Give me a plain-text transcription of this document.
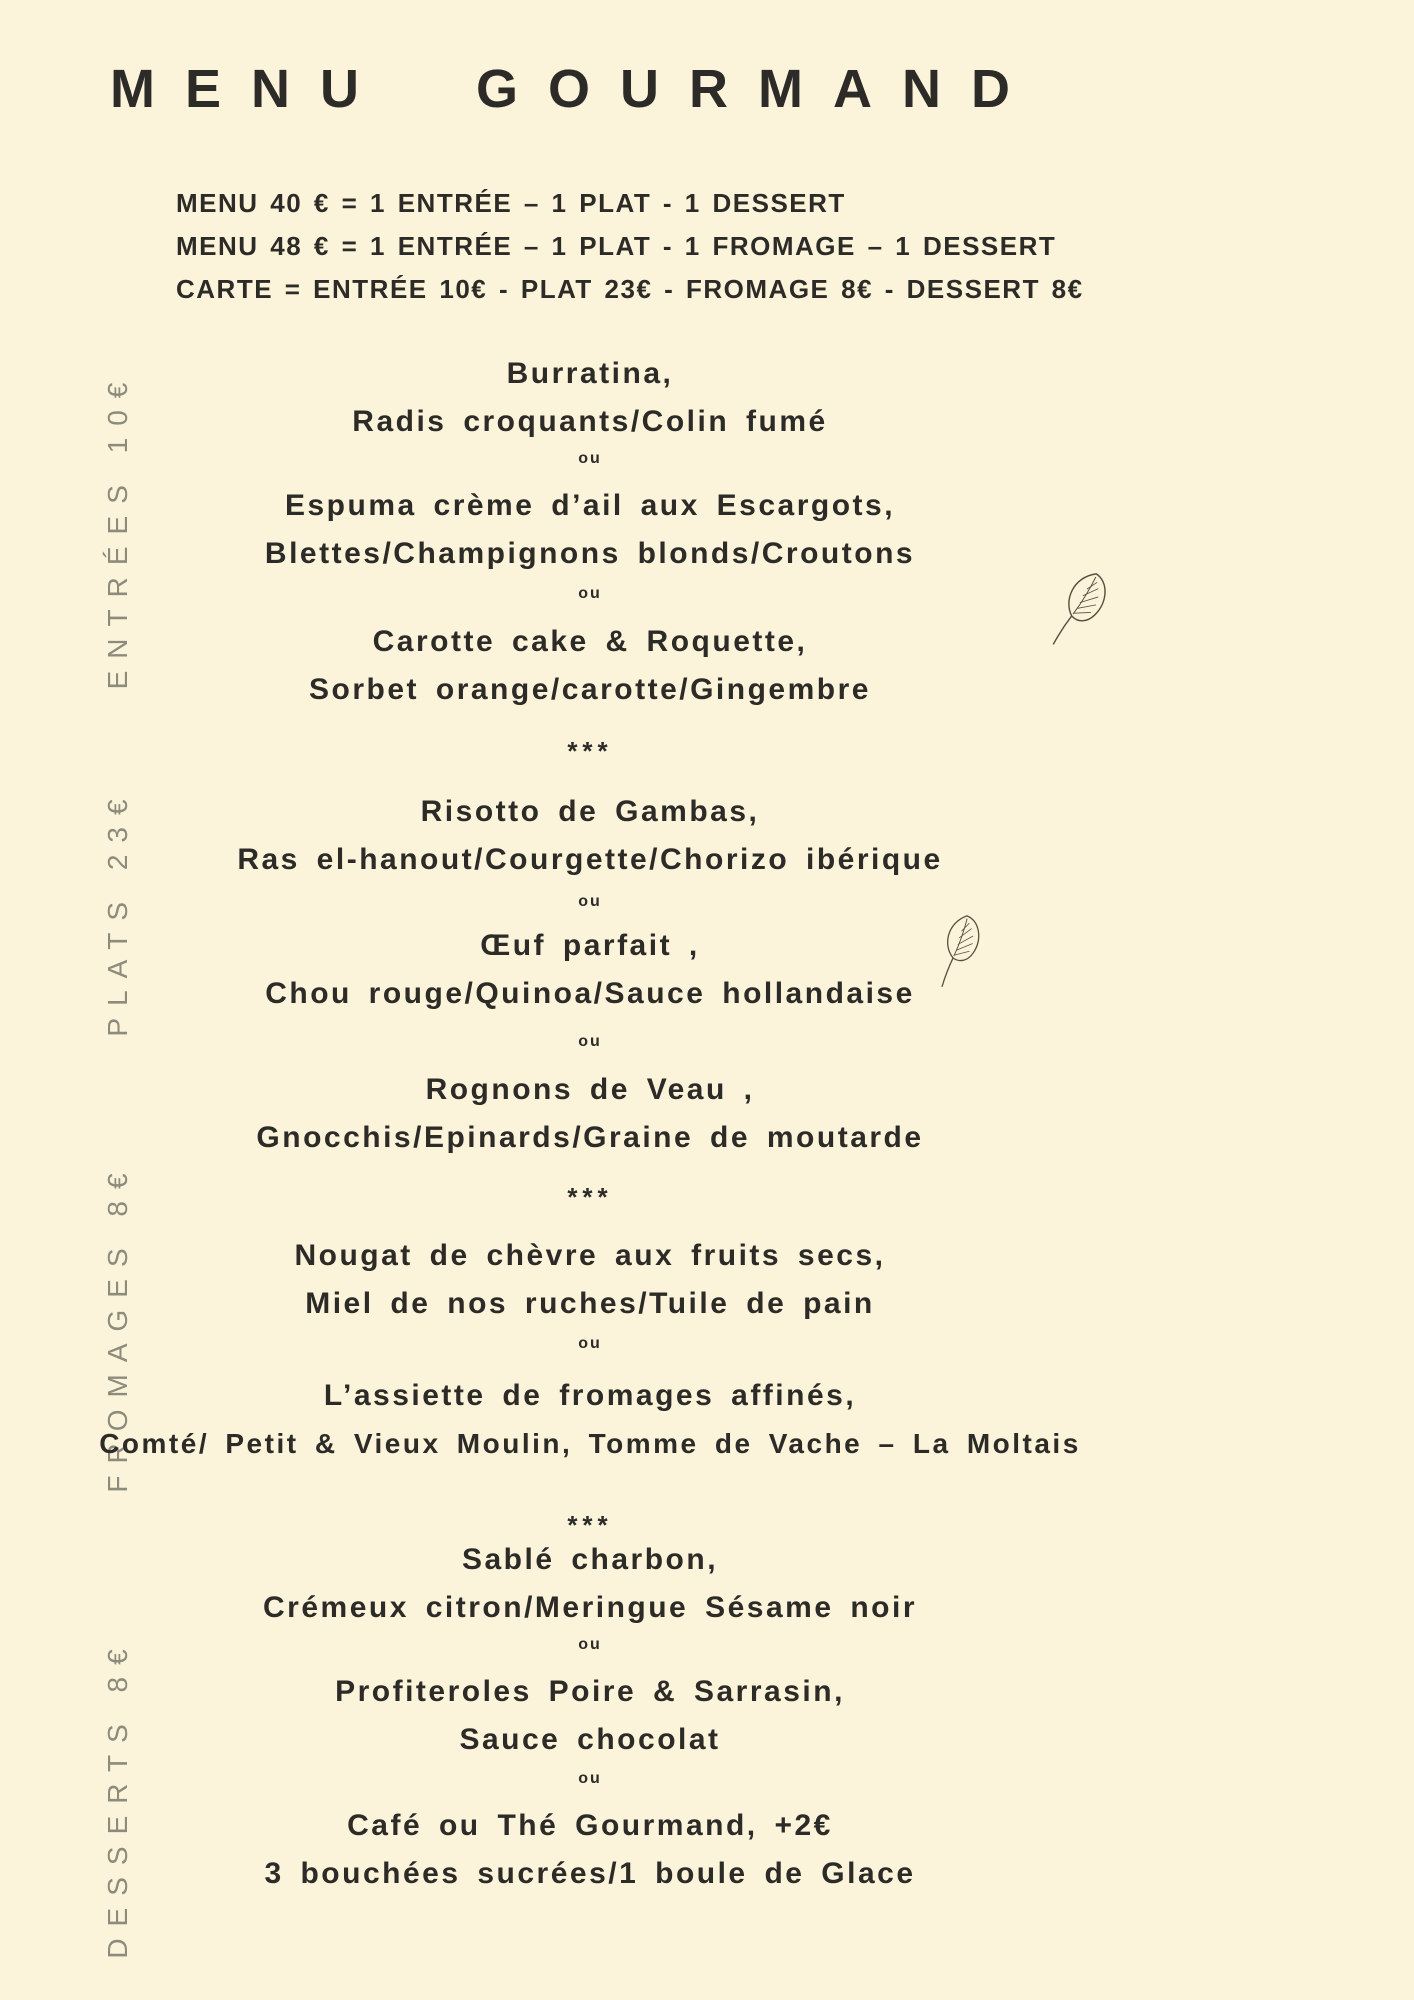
MENU GOURMAND
MENU 40 € = 1 ENTRÉE – 1 PLAT - 1 DESSERT
MENU 48 € = 1 ENTRÉE – 1 PLAT - 1 FROMAGE – 1 DESSERT
CARTE = ENTRÉE 10€ - PLAT 23€ - FROMAGE 8€ - DESSERT 8€
ENTRÉES 10€
PLATS 23€
FROMAGES 8€
DESSERTS 8€
Burratina,
Radis croquants/Colin fumé
ou
Espuma crème d’ail aux Escargots,
Blettes/Champignons blonds/Croutons
ou
Carotte cake & Roquette,
Sorbet orange/carotte/Gingembre
***
Risotto de Gambas,
Ras el-hanout/Courgette/Chorizo ibérique
ou
Œuf parfait ,
Chou rouge/Quinoa/Sauce hollandaise
ou
Rognons de Veau ,
Gnocchis/Epinards/Graine de moutarde
***
Nougat de chèvre aux fruits secs,
Miel de nos ruches/Tuile de pain
ou
L’assiette de fromages affinés,
Comté/ Petit & Vieux Moulin, Tomme de Vache – La Moltais
***
Sablé charbon,
Crémeux citron/Meringue Sésame noir
ou
Profiteroles Poire & Sarrasin,
Sauce chocolat
ou
Café ou Thé Gourmand, +2€
3 bouchées sucrées/1 boule de Glace
